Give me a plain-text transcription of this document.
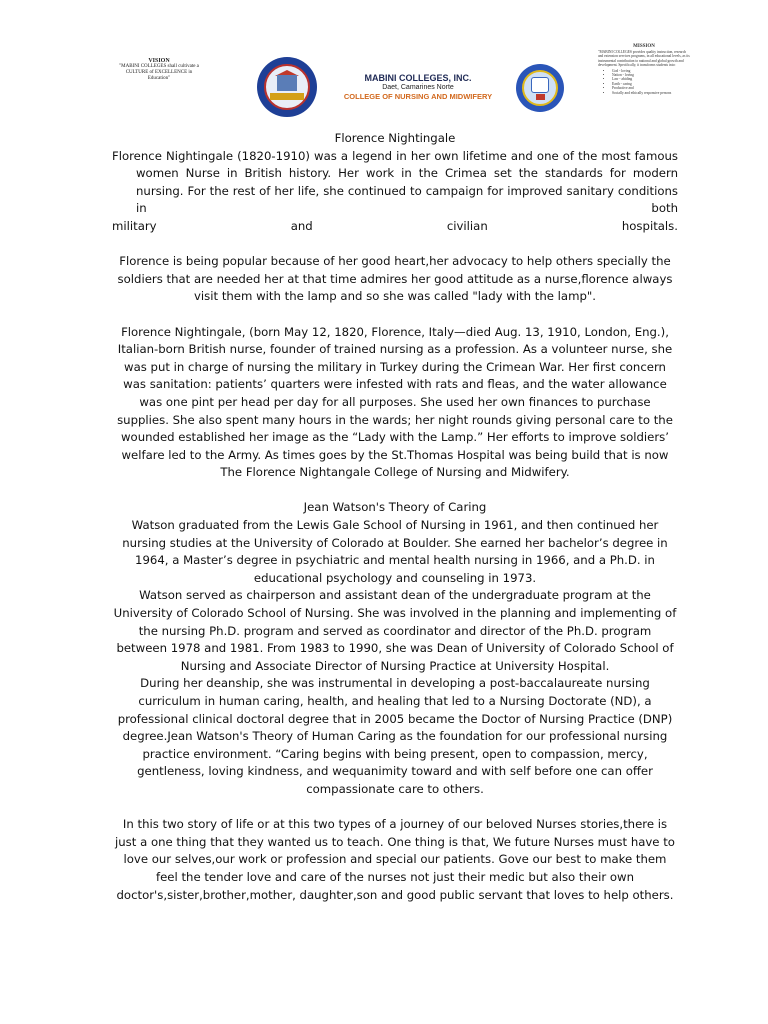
VISION
"MABINI COLLEGES shall cultivate a CULTURE of EXCELLENCE in Education"	MABINI COLLEGES, INC.
Daet, Camarines Norte
COLLEGE OF NURSING AND MIDWIFERY
MISSION
"MABINI COLLEGES provides quality instruction, research and extension services programs, in all educational levels, as its instrumental contribution to national and global growth and development. Specifically, it transforms students into:
• God - loving
• Nation - loving
• Law - abiding
• Earth - caring
• Productive and
• Socially and ethically responsive persons
Florence Nightingale
Florence Nightingale (1820-1910) was a legend in her own lifetime and one of the most famous women Nurse in British history. Her work in the Crimea set the standards for modern nursing. For the rest of her life, she continued to campaign for improved sanitary conditions in both
military and civilian hospitals.
Florence is being popular because of her good heart,her advocacy to help others specially the soldiers that are needed her at that time admires her good attitude as a nurse,florence always visit them with the lamp and so she was called "lady with the lamp".
Florence Nightingale, (born May 12, 1820, Florence, Italy—died Aug. 13, 1910, London, Eng.), Italian-born British nurse, founder of trained nursing as a profession. As a volunteer nurse, she was put in charge of nursing the military in Turkey during the Crimean War. Her first concern was sanitation: patients’ quarters were infested with rats and fleas, and the water allowance was one pint per head per day for all purposes. She used her own finances to purchase supplies. She also spent many hours in the wards; her night rounds giving personal care to the wounded established her image as the “Lady with the Lamp.” Her efforts to improve soldiers’ welfare led to the Army. As times goes by the St.Thomas Hospital was being build that is now The Florence Nightangale College of Nursing and Midwifery.
Jean Watson's Theory of Caring
Watson graduated from the Lewis Gale School of Nursing in 1961, and then continued her nursing studies at the University of Colorado at Boulder. She earned her bachelor’s degree in 1964, a Master’s degree in psychiatric and mental health nursing in 1966, and a Ph.D. in educational psychology and counseling in 1973.
Watson served as chairperson and assistant dean of the undergraduate program at the University of Colorado School of Nursing. She was involved in the planning and implementing of the nursing Ph.D. program and served as coordinator and director of the Ph.D. program between 1978 and 1981. From 1983 to 1990, she was Dean of University of Colorado School of Nursing and Associate Director of Nursing Practice at University Hospital.
During her deanship, she was instrumental in developing a post-baccalaureate nursing curriculum in human caring, health, and healing that led to a Nursing Doctorate (ND), a professional clinical doctoral degree that in 2005 became the Doctor of Nursing Practice (DNP) degree.Jean Watson's Theory of Human Caring as the foundation for our professional nursing practice environment. “Caring begins with being present, open to compassion, mercy, gentleness, loving kindness, and wequanimity toward and with self before one can offer compassionate care to others.
In this two story of life or at this two types of a journey of our beloved Nurses stories,there is just a one thing that they wanted us to teach. One thing is that, We future Nurses must have to love our selves,our work or profession and special our patients. Gove our best to make them feel the tender love and care of the nurses not just their medic but also their own doctor's,sister,brother,mother, daughter,son and good public servant that loves to help others.
